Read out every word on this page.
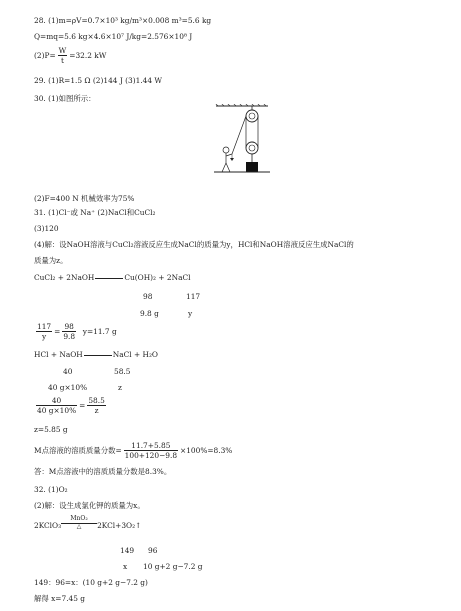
28. (1)m=ρV=0.7×10³ kg/m³×0.008 m³=5.6 kg
Q=mq=5.6 kg×4.6×10⁷ J/kg=2.576×10⁸ J
$(2)P= \frac{W}{t} =32.2$ kW
29. (1)R=1.5 Ω (2)144 J (3)1.44 W
30. (1)如图所示：
(2)F=400 N 机械效率为75%
31. (1)Cl⁻或 Na⁺ (2)NaCl和CuCl₂
(3)120
(4)解：设NaOH溶液与CuCl₂溶液反应生成NaCl的质量为y，HCl和NaOH溶液反应生成NaCl的
质量为z。
CuCl₂ + 2NaOH	Cu(OH)₂ + 2NaCl
98	117
9.8 g	y
$\frac{117}{y} = \frac{98}{9.8} y=11.7$ g
HCl + NaOH	NaCl + H₂O
40	58.5
40 g×10%	z
$\frac{40}{40 g\times 10\%} = \frac{58.5}{z}$
z=5.85 g
M点溶液的溶质质量分数= $\frac{11.7+5.85}{100+120-9.8} \times 100\%=8.3\%$
答：M点溶液中的溶质质量分数是8.3%。
32. (1)O₂
(2)解：设生成氯化钾的质量为x。
2KClO₃
MnO₂
△	2KCl+3O₂↑
149 96
x 10 g+2 g−7.2 g
149：96=x：(10 g+2 g−7.2 g)
解得 x=7.45 g
